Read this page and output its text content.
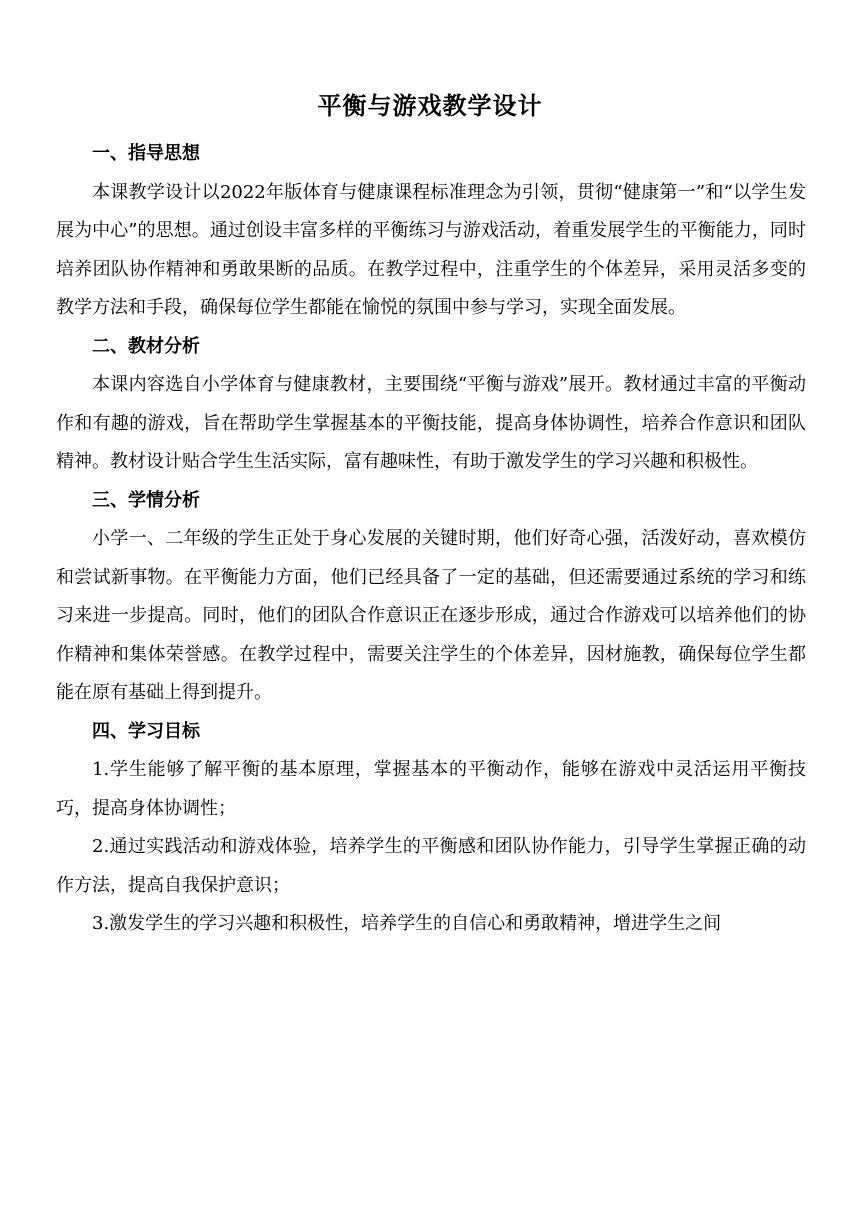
平衡与游戏教学设计

一、指导思想

本课教学设计以2022年版体育与健康课程标准理念为引领，贯彻“健康第一”和“以学生发展为中心”的思想。通过创设丰富多样的平衡练习与游戏活动，着重发展学生的平衡能力，同时培养团队协作精神和勇敢果断的品质。在教学过程中，注重学生的个体差异，采用灵活多变的教学方法和手段，确保每位学生都能在愉悦的氛围中参与学习，实现全面发展。

二、教材分析

本课内容选自小学体育与健康教材，主要围绕“平衡与游戏”展开。教材通过丰富的平衡动作和有趣的游戏，旨在帮助学生掌握基本的平衡技能，提高身体协调性，培养合作意识和团队精神。教材设计贴合学生生活实际，富有趣味性，有助于激发学生的学习兴趣和积极性。

三、学情分析

小学一、二年级的学生正处于身心发展的关键时期，他们好奇心强，活泼好动，喜欢模仿和尝试新事物。在平衡能力方面，他们已经具备了一定的基础，但还需要通过系统的学习和练习来进一步提高。同时，他们的团队合作意识正在逐步形成，通过合作游戏可以培养他们的协作精神和集体荣誉感。在教学过程中，需要关注学生的个体差异，因材施教，确保每位学生都能在原有基础上得到提升。

四、学习目标

1.学生能够了解平衡的基本原理，掌握基本的平衡动作，能够在游戏中灵活运用平衡技巧，提高身体协调性；

2.通过实践活动和游戏体验，培养学生的平衡感和团队协作能力，引导学生掌握正确的动作方法，提高自我保护意识；

3.激发学生的学习兴趣和积极性，培养学生的自信心和勇敢精神，增进学生之间
